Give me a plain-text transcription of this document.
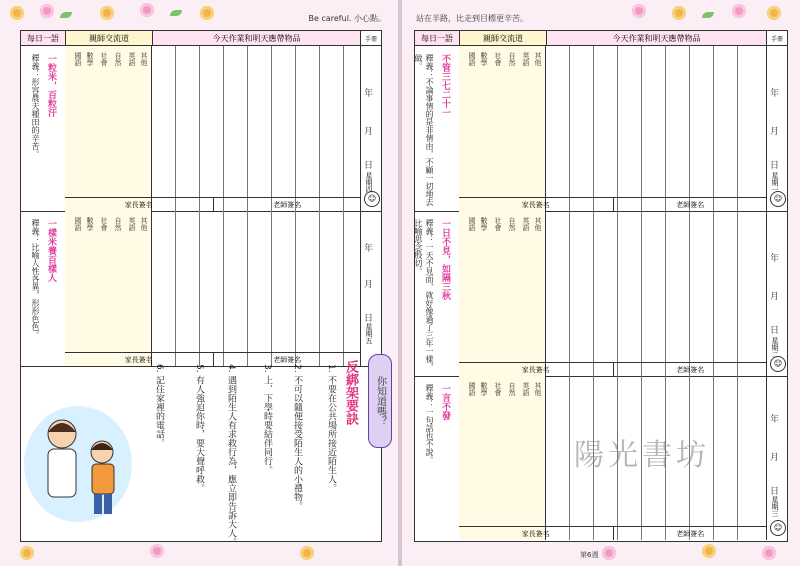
Be careful. 小心點。
每日一語	親師交流道	今天作業和明天應帶物品	手冊
一粒米，百粒汗
釋義：形容農夫種田的辛苦。	國語 數學 社會 自然 英語 其他
年
月
日
星期四
☺
家長簽名	老師簽名
一樣米養百樣人
釋義：比喻人性各異，形形色色。	國語 數學 社會 自然 英語 其他
年
月
日
星期五
家長簽名	老師簽名
你知道嗎？
反綁架要訣
1. 不要在公共場所接近陌生人。
2. 不可以隨便接受陌生人的小禮物。
3. 上、下學時要結伴同行。
4. 遇到陌生人有求救行為，應立即告訴大人。
5. 有人強迫你時，要大聲呼救。
6. 記住家裡的電話。
站在半路，比走到目標更辛苦。
每日一語	親師交流道	今天作業和明天應帶物品	手冊
不管三七二十一
釋義：不論事情的是非情由，不顧一切地去做。	國語 數學 社會 自然 英語 其他
年
月
日
星期一
☺
家長簽名	老師簽名
一日不見，如隔三秋
釋義：一天不見面，就好像過了三年一樣，比喻思念殷切。	國語 數學 社會 自然 英語 其他
年
月
日
星期二
☺
家長簽名	老師簽名
一言不發
釋義：一句話也不說。	國語 數學 社會 自然 英語 其他
年
月
日
星期三
☺
家長簽名	老師簽名
陽光書坊
第6週
